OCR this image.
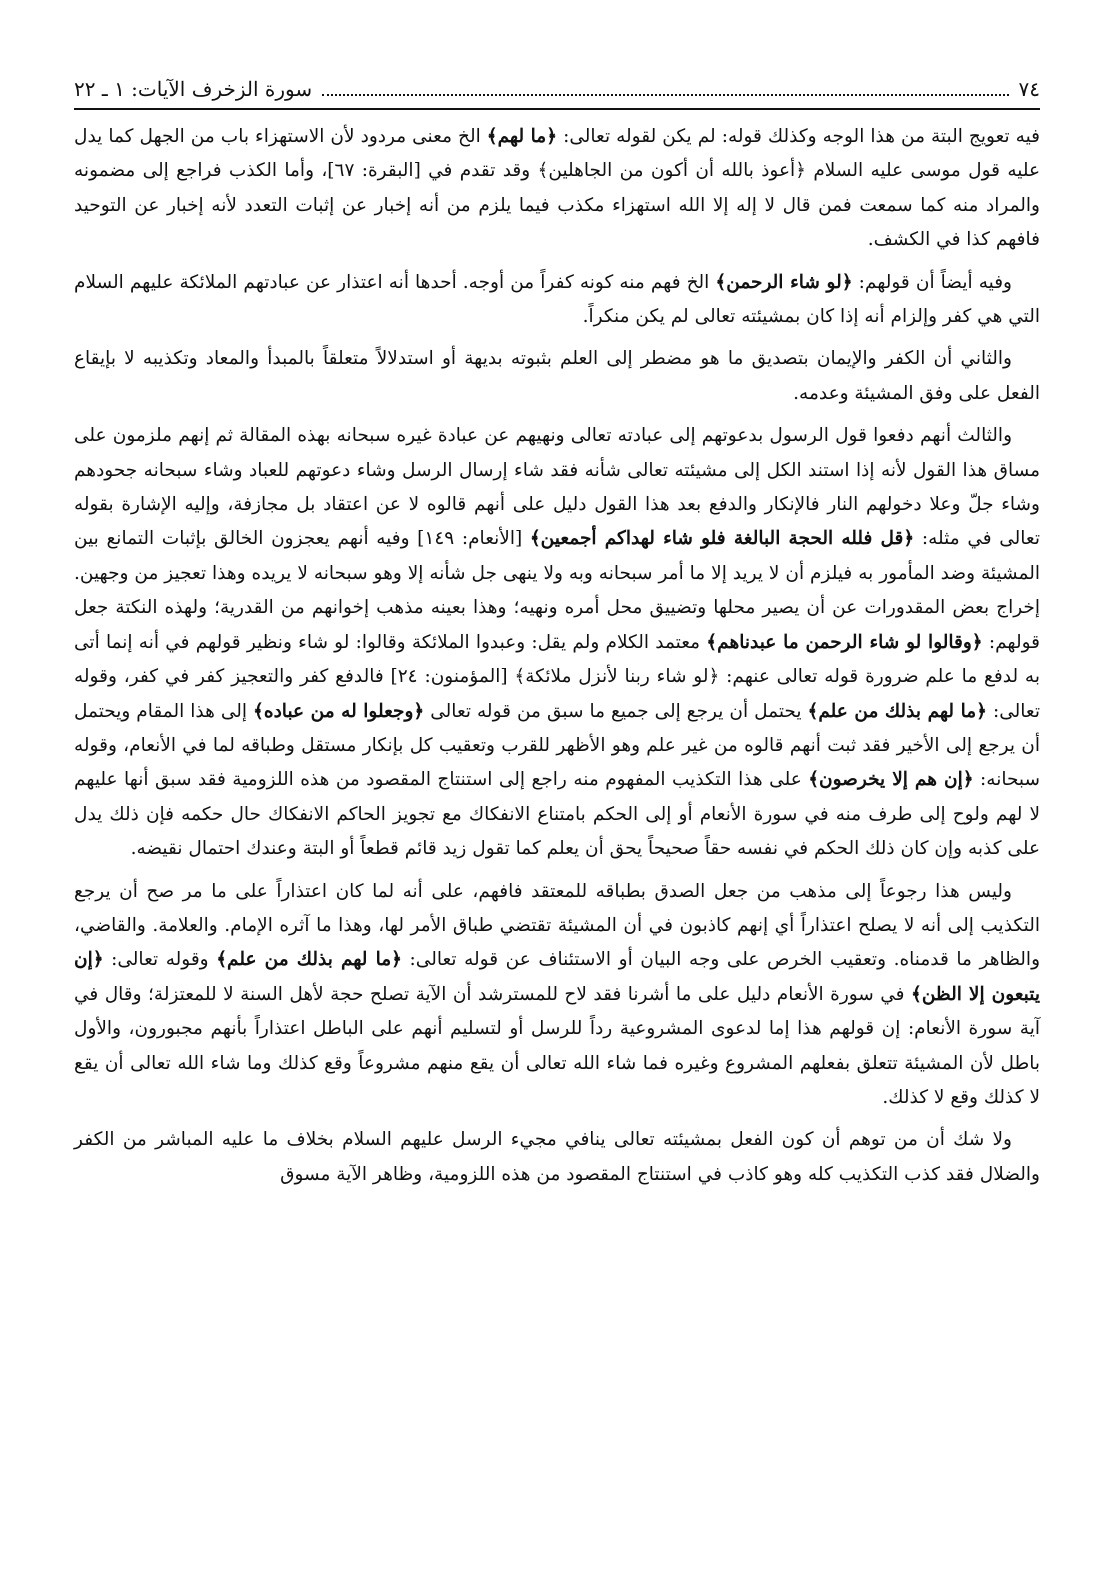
٧٤
سورة الزخرف الآيات: ١ ـ ٢٢

فيه تعويج البتة من هذا الوجه وكذلك قوله: لم يكن لقوله تعالى: ﴿ما لهم﴾ الخ معنى مردود لأن الاستهزاء باب من الجهل كما يدل عليه قول موسى عليه السلام ﴿أعوذ بالله أن أكون من الجاهلين﴾ وقد تقدم في [البقرة: ٦٧]، وأما الكذب فراجع إلى مضمونه والمراد منه كما سمعت فمن قال لا إله إلا الله استهزاء مكذب فيما يلزم من أنه إخبار عن إثبات التعدد لأنه إخبار عن التوحيد فافهم كذا في الكشف.

وفيه أيضاً أن قولهم: ﴿لو شاء الرحمن﴾ الخ فهم منه كونه كفراً من أوجه. أحدها أنه اعتذار عن عبادتهم الملائكة عليهم السلام التي هي كفر وإلزام أنه إذا كان بمشيئته تعالى لم يكن منكراً.

والثاني أن الكفر والإيمان بتصديق ما هو مضطر إلى العلم بثبوته بديهة أو استدلالاً متعلقاً بالمبدأ والمعاد وتكذيبه لا بإيقاع الفعل على وفق المشيئة وعدمه.

والثالث أنهم دفعوا قول الرسول بدعوتهم إلى عبادته تعالى ونهيهم عن عبادة غيره سبحانه بهذه المقالة ثم إنهم ملزمون على مساق هذا القول لأنه إذا استند الكل إلى مشيئته تعالى شأنه فقد شاء إرسال الرسل وشاء دعوتهم للعباد وشاء سبحانه جحودهم وشاء جلّ وعلا دخولهم النار فالإنكار والدفع بعد هذا القول دليل على أنهم قالوه لا عن اعتقاد بل مجازفة، وإليه الإشارة بقوله تعالى في مثله: ﴿قل فلله الحجة البالغة فلو شاء لهداكم أجمعين﴾ [الأنعام: ١٤٩] وفيه أنهم يعجزون الخالق بإثبات التمانع بين المشيئة وضد المأمور به فيلزم أن لا يريد إلا ما أمر سبحانه وبه ولا ينهى جل شأنه إلا وهو سبحانه لا يريده وهذا تعجيز من وجهين. إخراج بعض المقدورات عن أن يصير محلها وتضييق محل أمره ونهيه؛ وهذا بعينه مذهب إخوانهم من القدرية؛ ولهذه النكتة جعل قولهم: ﴿وقالوا لو شاء الرحمن ما عبدناهم﴾ معتمد الكلام ولم يقل: وعبدوا الملائكة وقالوا: لو شاء ونظير قولهم في أنه إنما أتى به لدفع ما علم ضرورة قوله تعالى عنهم: ﴿لو شاء ربنا لأنزل ملائكة﴾ [المؤمنون: ٢٤] فالدفع كفر والتعجيز كفر في كفر، وقوله تعالى: ﴿ما لهم بذلك من علم﴾ يحتمل أن يرجع إلى جميع ما سبق من قوله تعالى ﴿وجعلوا له من عباده﴾ إلى هذا المقام ويحتمل أن يرجع إلى الأخير فقد ثبت أنهم قالوه من غير علم وهو الأظهر للقرب وتعقيب كل بإنكار مستقل وطباقه لما في الأنعام، وقوله سبحانه: ﴿إن هم إلا يخرصون﴾ على هذا التكذيب المفهوم منه راجع إلى استنتاج المقصود من هذه اللزومية فقد سبق أنها عليهم لا لهم ولوح إلى طرف منه في سورة الأنعام أو إلى الحكم بامتناع الانفكاك مع تجويز الحاكم الانفكاك حال حكمه فإن ذلك يدل على كذبه وإن كان ذلك الحكم في نفسه حقاً صحيحاً يحق أن يعلم كما تقول زيد قائم قطعاً أو البتة وعندك احتمال نقيضه.

وليس هذا رجوعاً إلى مذهب من جعل الصدق بطباقه للمعتقد فافهم، على أنه لما كان اعتذاراً على ما مر صح أن يرجع التكذيب إلى أنه لا يصلح اعتذاراً أي إنهم كاذبون في أن المشيئة تقتضي طباق الأمر لها، وهذا ما آثره الإمام. والعلامة. والقاضي، والظاهر ما قدمناه. وتعقيب الخرص على وجه البيان أو الاستئناف عن قوله تعالى: ﴿ما لهم بذلك من علم﴾ وقوله تعالى: ﴿إن يتبعون إلا الظن﴾ في سورة الأنعام دليل على ما أشرنا فقد لاح للمسترشد أن الآية تصلح حجة لأهل السنة لا للمعتزلة؛ وقال في آية سورة الأنعام: إن قولهم هذا إما لدعوى المشروعية رداً للرسل أو لتسليم أنهم على الباطل اعتذاراً بأنهم مجبورون، والأول باطل لأن المشيئة تتعلق بفعلهم المشروع وغيره فما شاء الله تعالى أن يقع منهم مشروعاً وقع كذلك وما شاء الله تعالى أن يقع لا كذلك وقع لا كذلك.

ولا شك أن من توهم أن كون الفعل بمشيئته تعالى ينافي مجيء الرسل عليهم السلام بخلاف ما عليه المباشر من الكفر والضلال فقد كذب التكذيب كله وهو كاذب في استنتاج المقصود من هذه اللزومية، وظاهر الآية مسوق
